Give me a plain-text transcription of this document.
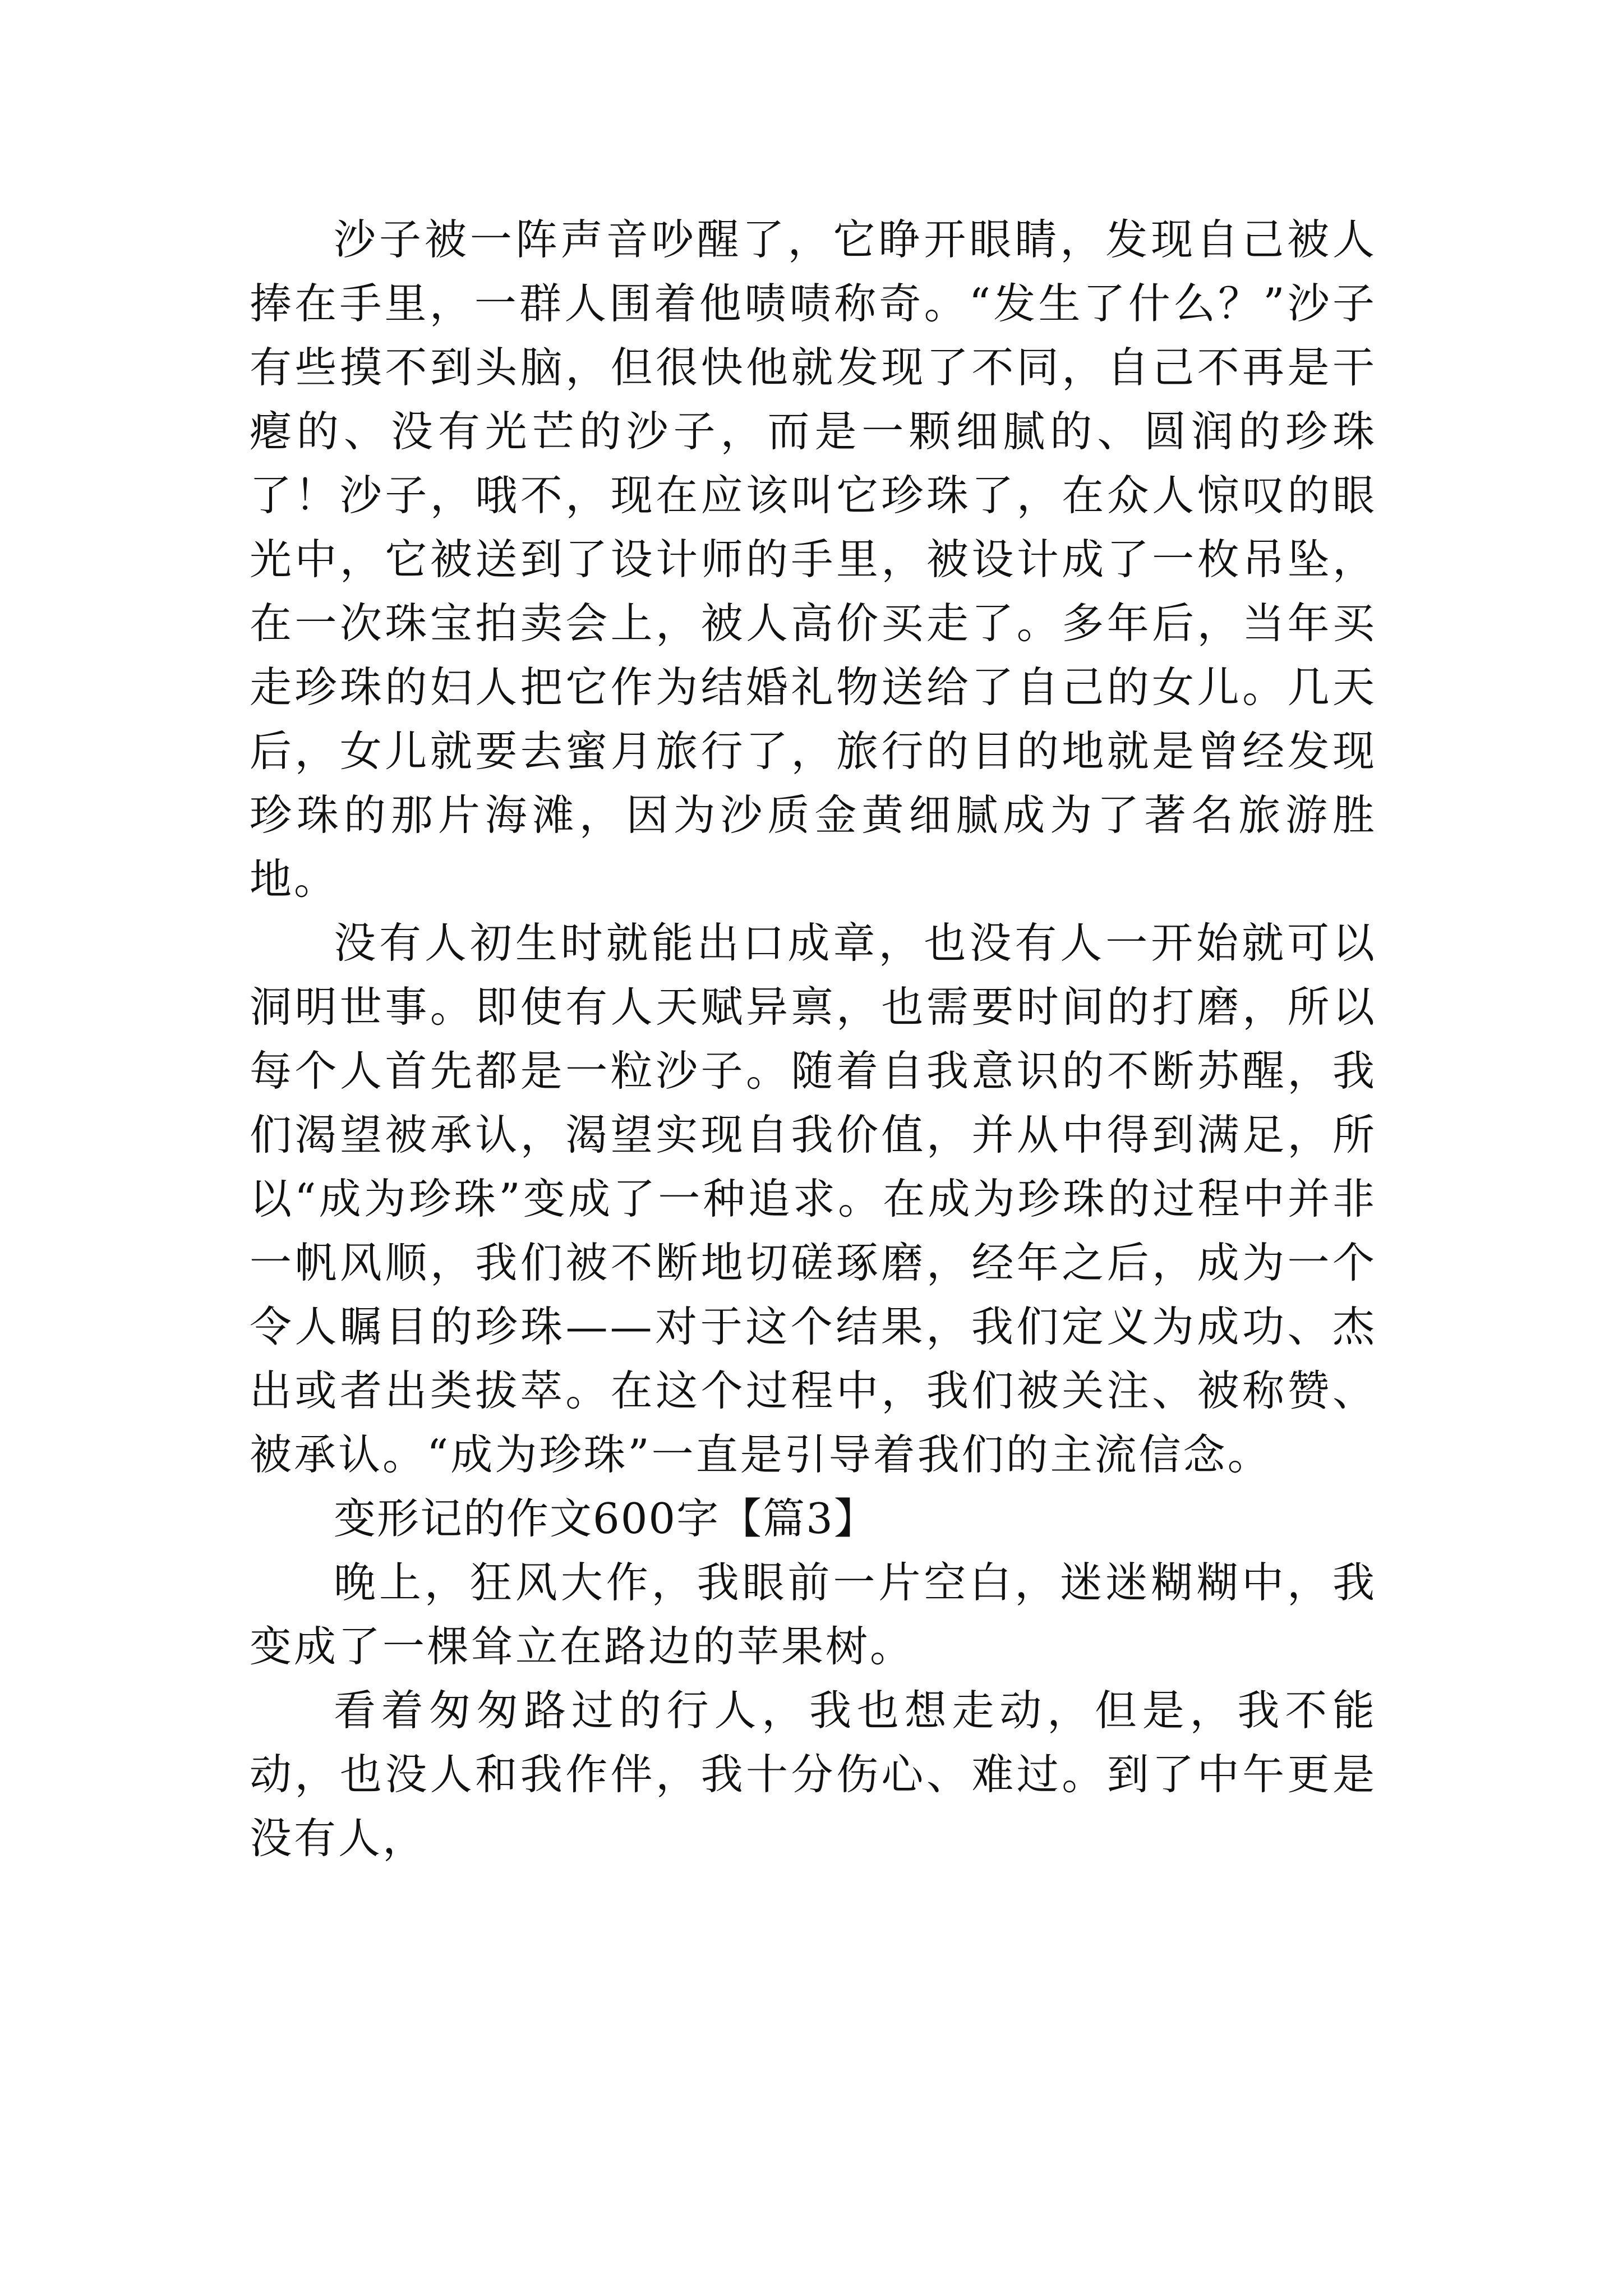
沙子被一阵声音吵醒了，它睁开眼睛，发现自己被人捧在手里，一群人围着他啧啧称奇。“发生了什么？”沙子有些摸不到头脑，但很快他就发现了不同，自己不再是干瘪的、没有光芒的沙子，而是一颗细腻的、圆润的珍珠了！沙子，哦不，现在应该叫它珍珠了，在众人惊叹的眼光中，它被送到了设计师的手里，被设计成了一枚吊坠，在一次珠宝拍卖会上，被人高价买走了。多年后，当年买走珍珠的妇人把它作为结婚礼物送给了自己的女儿。几天后，女儿就要去蜜月旅行了，旅行的目的地就是曾经发现珍珠的那片海滩，因为沙质金黄细腻成为了著名旅游胜地。

没有人初生时就能出口成章，也没有人一开始就可以洞明世事。即使有人天赋异禀，也需要时间的打磨，所以每个人首先都是一粒沙子。随着自我意识的不断苏醒，我们渴望被承认，渴望实现自我价值，并从中得到满足，所以“成为珍珠”变成了一种追求。在成为珍珠的过程中并非一帆风顺，我们被不断地切磋琢磨，经年之后，成为一个令人瞩目的珍珠——对于这个结果，我们定义为成功、杰出或者出类拔萃。在这个过程中，我们被关注、被称赞、被承认。“成为珍珠”一直是引导着我们的主流信念。

变形记的作文600字【篇3】

晚上，狂风大作，我眼前一片空白，迷迷糊糊中，我变成了一棵耸立在路边的苹果树。

看着匆匆路过的行人，我也想走动，但是，我不能动，也没人和我作伴，我十分伤心、难过。到了中午更是没有人，
